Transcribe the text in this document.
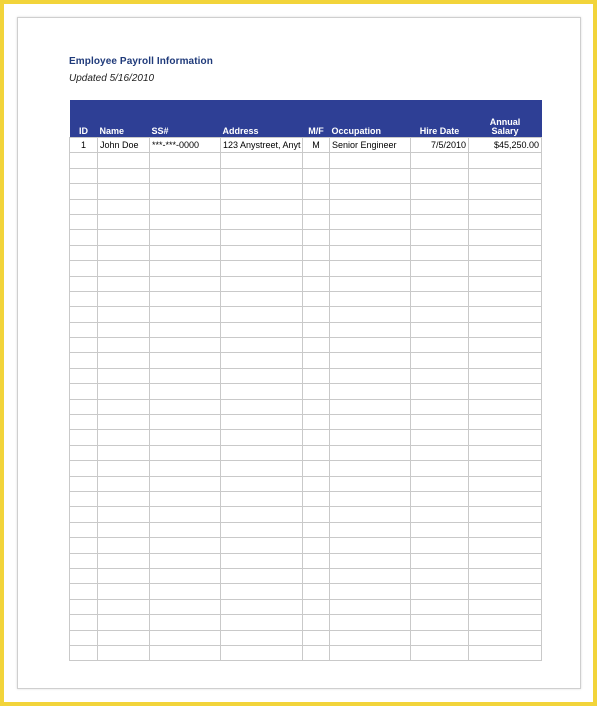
Employee Payroll Information
Updated 5/16/2010
ID	Name	SS#	Address	M/F	Occupation	Hire Date	Annual Salary
1	John Doe	***-***-0000	123 Anystreet, Anyt	M	Senior Engineer	7/5/2010	$45,250.00
